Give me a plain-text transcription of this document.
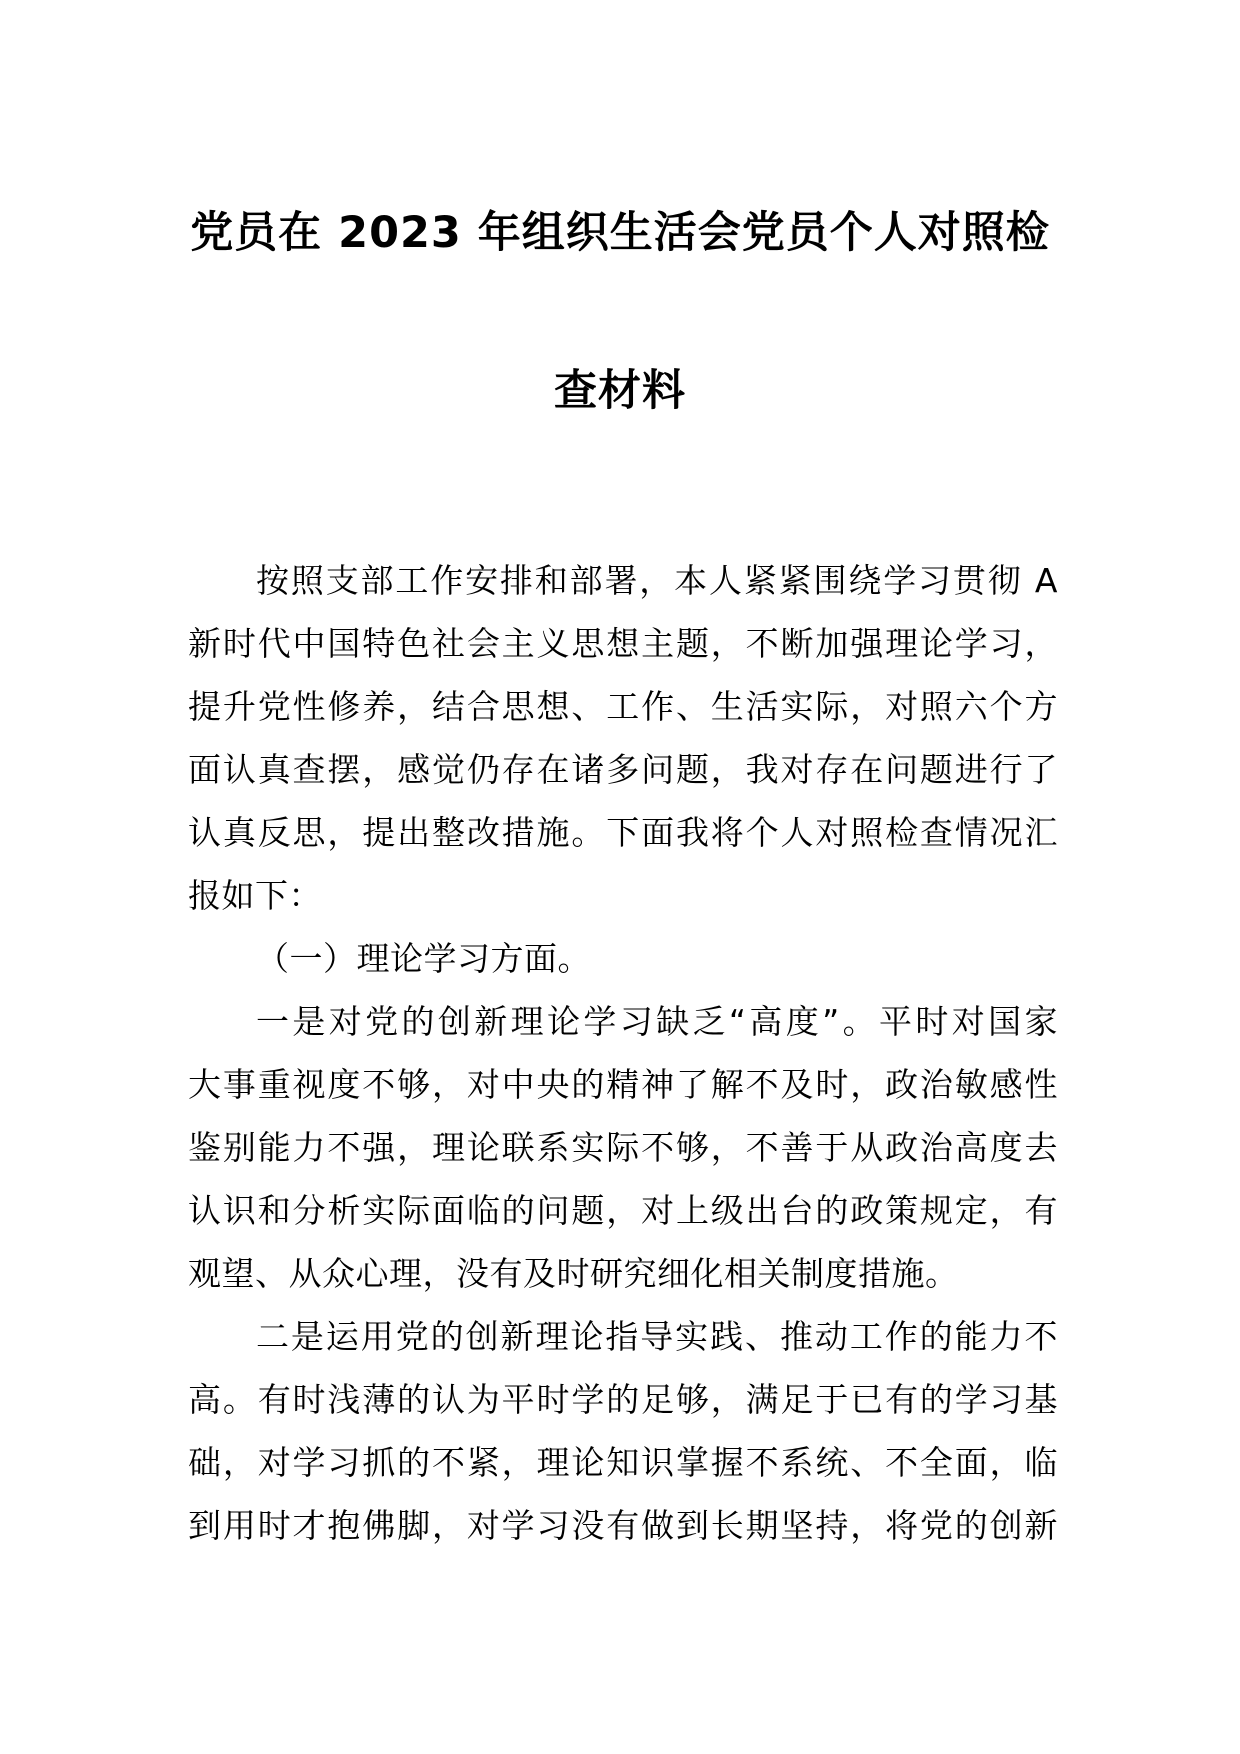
党员在 2023 年组织生活会党员个人对照检
查材料
按照支部工作安排和部署，本人紧紧围绕学习贯彻 A
新时代中国特色社会主义思想主题，不断加强理论学习，
提升党性修养，结合思想、工作、生活实际，对照六个方
面认真查摆，感觉仍存在诸多问题，我对存在问题进行了
认真反思，提出整改措施。下面我将个人对照检查情况汇
报如下：
（一）理论学习方面。
一是对党的创新理论学习缺乏“高度”。平时对国家
大事重视度不够，对中央的精神了解不及时，政治敏感性
鉴别能力不强，理论联系实际不够，不善于从政治高度去
认识和分析实际面临的问题，对上级出台的政策规定，有
观望、从众心理，没有及时研究细化相关制度措施。
二是运用党的创新理论指导实践、推动工作的能力不
高。有时浅薄的认为平时学的足够，满足于已有的学习基
础，对学习抓的不紧，理论知识掌握不系统、不全面，临
到用时才抱佛脚，对学习没有做到长期坚持，将党的创新
